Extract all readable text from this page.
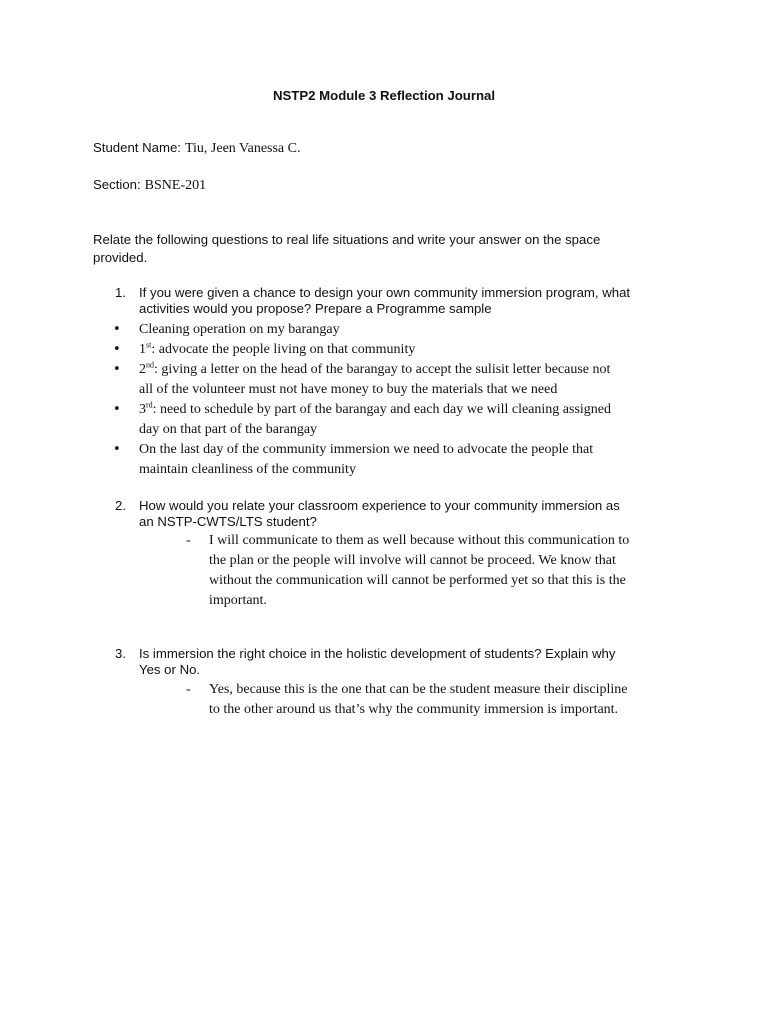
NSTP2 Module 3 Reflection Journal
Student Name: Tiu, Jeen Vanessa C.
Section: BSNE-201
Relate the following questions to real life situations and write your answer on the space provided.
1. If you were given a chance to design your own community immersion program, what
activities would you propose? Prepare a Programme sample
• Cleaning operation on my barangay
• 1st: advocate the people living on that community
• 2nd: giving a letter on the head of the barangay to accept the sulisit letter because not
all of the volunteer must not have money to buy the materials that we need
• 3rd: need to schedule by part of the barangay and each day we will cleaning assigned
day on that part of the barangay
• On the last day of the community immersion we need to advocate the people that
maintain cleanliness of the community
2. How would you relate your classroom experience to your community immersion as
an NSTP-CWTS/LTS student?
- I will communicate to them as well because without this communication to
the plan or the people will involve will cannot be proceed. We know that
without the communication will cannot be performed yet so that this is the
important.
3. Is immersion the right choice in the holistic development of students? Explain why
Yes or No.
- Yes, because this is the one that can be the student measure their discipline
to the other around us that’s why the community immersion is important.
